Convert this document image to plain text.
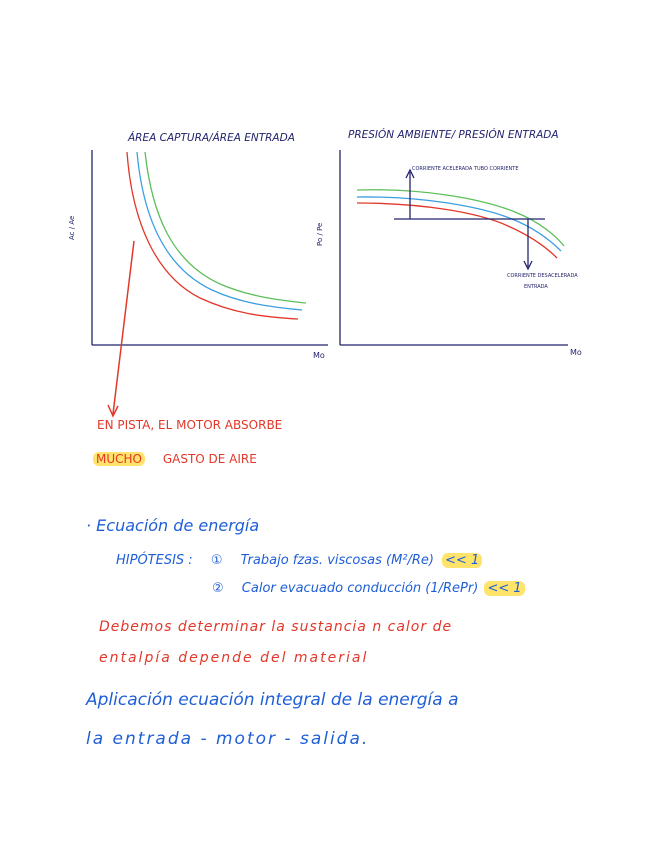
ÁREA CAPTURA/ÁREA ENTRADA	PRESIÓN AMBIENTE/ PRESIÓN ENTRADA
Ac / Ae	Po / Pe
Mo	Mo
CORRIENTE ACELERADA TUBO CORRIENTE
CORRIENTE DESACELERADA
ENTRADA
EN PISTA, EL MOTOR ABSORBE
MUCHO GASTO DE AIRE
· Ecuación de energía
HIPÓTESIS : ① Trabajo fzas. viscosas (M²/Re) << 1
② Calor evacuado conducción (1/RePr) << 1
Debemos determinar la sustancia n calor de
entalpía depende del material
Aplicación ecuación integral de la energía a
la entrada - motor - salida.
